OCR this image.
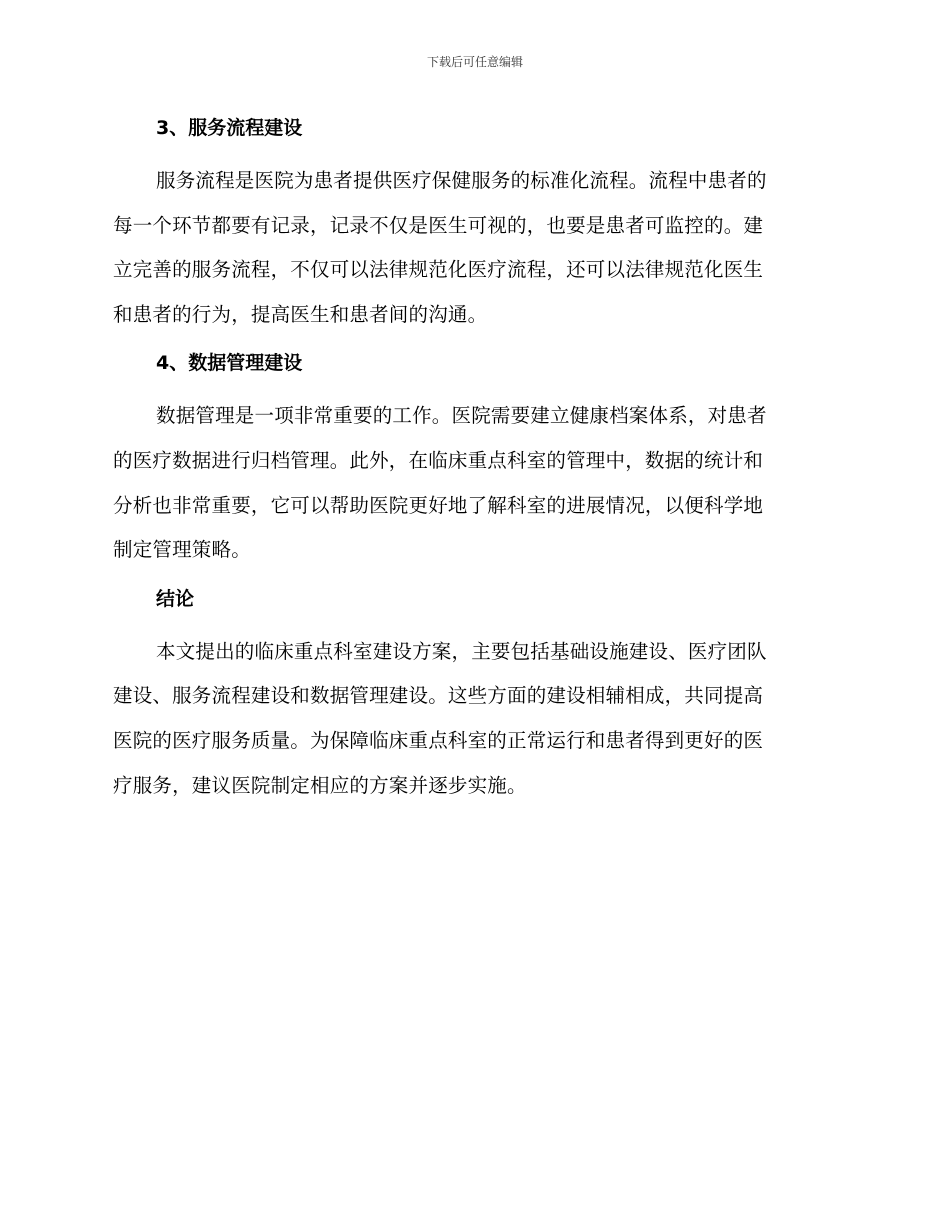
下载后可任意编辑
3、服务流程建设
服务流程是医院为患者提供医疗保健服务的标准化流程。流程中患者的
每一个环节都要有记录，记录不仅是医生可视的，也要是患者可监控的。建
立完善的服务流程，不仅可以法律规范化医疗流程，还可以法律规范化医生
和患者的行为，提高医生和患者间的沟通。
4、数据管理建设
数据管理是一项非常重要的工作。医院需要建立健康档案体系，对患者
的医疗数据进行归档管理。此外，在临床重点科室的管理中，数据的统计和
分析也非常重要，它可以帮助医院更好地了解科室的进展情况，以便科学地
制定管理策略。
结论
本文提出的临床重点科室建设方案，主要包括基础设施建设、医疗团队
建设、服务流程建设和数据管理建设。这些方面的建设相辅相成，共同提高
医院的医疗服务质量。为保障临床重点科室的正常运行和患者得到更好的医
疗服务，建议医院制定相应的方案并逐步实施。
